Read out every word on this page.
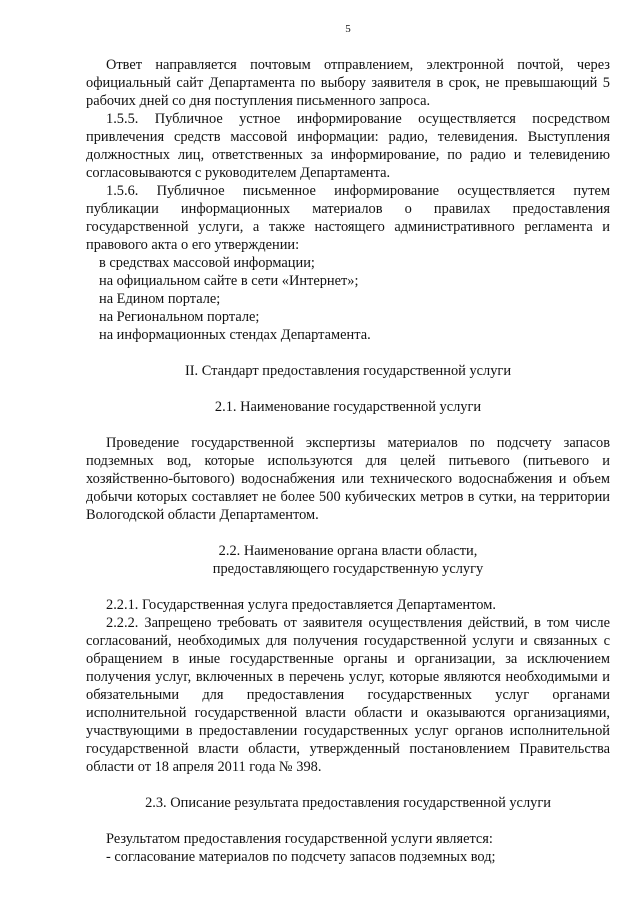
5

Ответ направляется почтовым отправлением, электронной почтой, через официальный сайт Департамента по выбору заявителя в срок, не превышающий 5 рабочих дней со дня поступления письменного запроса.

1.5.5. Публичное устное информирование осуществляется посредством привлечения средств массовой информации: радио, телевидения. Выступления должностных лиц, ответственных за информирование, по радио и телевидению согласовываются с руководителем Департамента.

1.5.6. Публичное письменное информирование осуществляется путем публикации информационных материалов о правилах предоставления государственной услуги, а также настоящего административного регламента и правового акта о его утверждении:

в средствах массовой информации;

на официальном сайте в сети «Интернет»;

на Едином портале;

на Региональном портале;

на информационных стендах Департамента.

II. Стандарт предоставления государственной услуги

2.1. Наименование государственной услуги

Проведение государственной экспертизы материалов по подсчету запасов подземных вод, которые используются для целей питьевого (питьевого и хозяйственно-бытового) водоснабжения или технического водоснабжения и объем добычи которых составляет не более 500 кубических метров в сутки, на территории Вологодской области Департаментом.

2.2. Наименование органа власти области,
предоставляющего государственную услугу

2.2.1. Государственная услуга предоставляется Департаментом.

2.2.2. Запрещено требовать от заявителя осуществления действий, в том числе согласований, необходимых для получения государственной услуги и связанных с обращением в иные государственные органы и организации, за исключением получения услуг, включенных в перечень услуг, которые являются необходимыми и обязательными для предоставления государственных услуг органами исполнительной государственной власти области и оказываются организациями, участвующими в предоставлении государственных услуг органов исполнительной государственной власти области, утвержденный постановлением Правительства области от 18 апреля 2011 года № 398.

2.3. Описание результата предоставления государственной услуги

Результатом предоставления государственной услуги является:

- согласование материалов по подсчету запасов подземных вод;
